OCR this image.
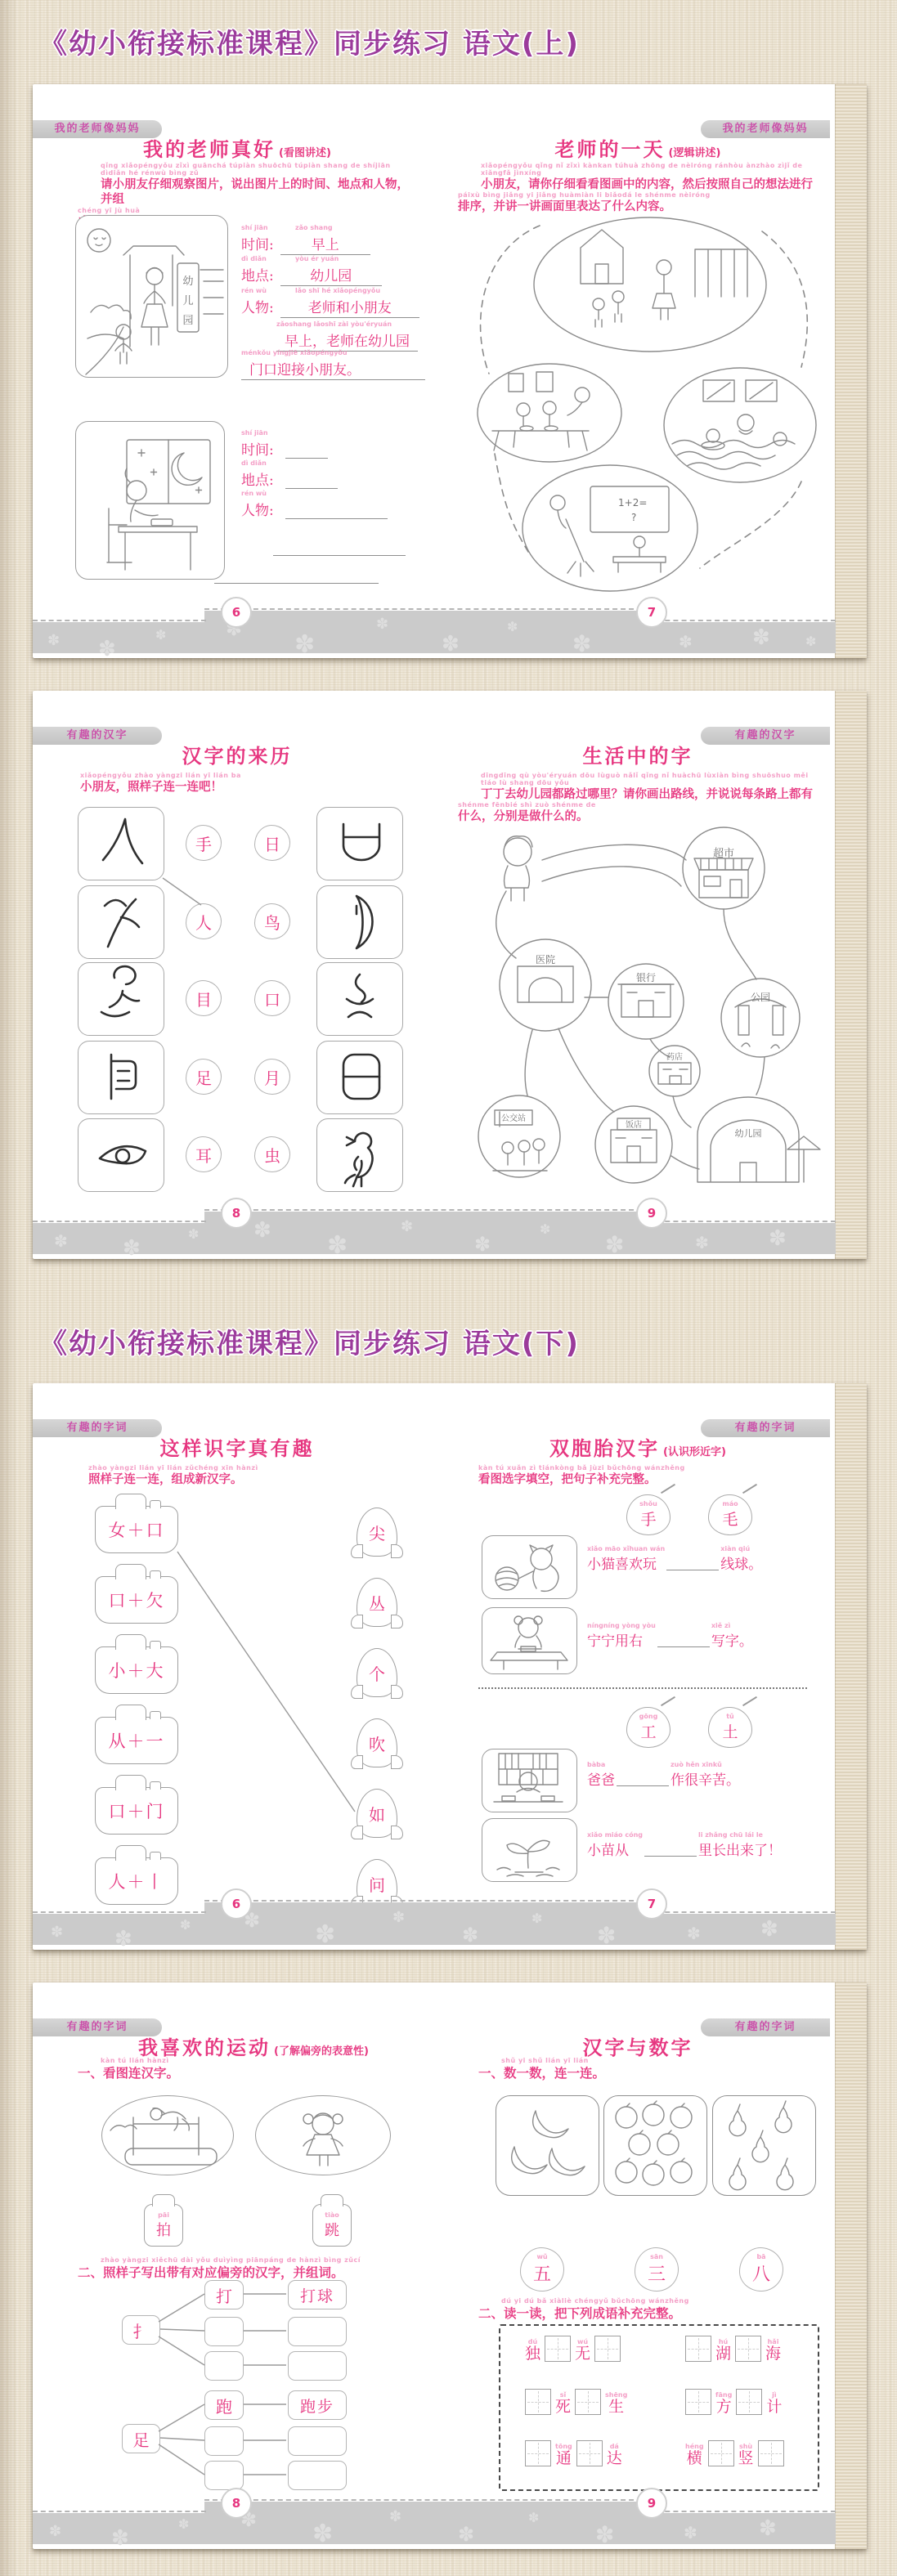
《幼小衔接标准课程》同步练习 语文(上)
我的老师像妈妈	我的老师像妈妈
我的老师真好 (看图讲述)
qǐng xiǎopéngyǒu zǐxì guānchá túpiàn shuōchū túpiàn shang de shíjiān dìdiǎn hé rénwù bìng zǔ
请小朋友仔细观察图片，说出图片上的时间、地点和人物，并组
chéng yī jù huà
幼
儿
园
shí jiān	zǎo shang
时间:	早上
dì diǎn	yòu ér yuán
地点:	幼儿园
rén wù	lǎo shī hé xiǎopéngyǒu
人物: 老师和小朋友
zǎoshang lǎoshī zài yòu'éryuán
早上，老师在幼儿园
ménkǒu yíngjiē xiǎopéngyǒu
门口迎接小朋友。
shí jiān
时间:
dì diǎn
地点:
rén wù
人物:
老师的一天 (逻辑讲述)
xiǎopéngyǒu qǐng nǐ zǐxì kànkan túhuà zhōng de nèiróng ránhòu ànzhào zìjǐ de xiǎngfǎ jìnxíng
小朋友，请你仔细看看图画中的内容，然后按照自己的想法进行
páixù bìng jiǎng yi jiǎng huàmiàn li biǎodá le shénme nèiróng
排序，并讲一讲画面里表达了什么内容。
1+2=
?
✽
✽
✽
✽
✽
✽
✽
✽
✽
✽
✽
✽
6	7
有趣的汉字	有趣的汉字
汉字的来历
xiǎopéngyǒu zhào yàngzi lián yī lián ba
小朋友，照样子连一连吧！
手	日
人	鸟
目	口
足	月
耳	虫
生活中的字
dīngdīng qù yòu'éryuán dōu lùguò nǎlǐ qǐng nǐ huàchū lùxiàn bìng shuōshuo měi tiáo lù shang dōu yǒu
丁丁去幼儿园都路过哪里？请你画出路线，并说说每条路上都有
shénme fēnbié shì zuò shénme de
什么，分别是做什么的。
超市
医院
银行
公园
药店
公交站
饭店
幼儿园
✽
✽
✽
✽
✽
✽
✽
✽
✽
✽
✽
8	9
《幼小衔接标准课程》同步练习 语文(下)
有趣的字词	有趣的字词
这样识字真有趣
zhào yàngzi lián yī lián zǔchéng xīn hànzì
照样子连一连，组成新汉字。
女＋口
口＋欠
小＋大
从＋一
口＋门
人＋丨
尖
丛
个
吹
如
问
双胞胎汉字 (认识形近字)
kàn tú xuǎn zì tiánkòng bǎ jùzi bǔchōng wánzhěng
看图选字填空，把句子补充完整。
shǒu
手
máo
毛
xiǎo māo xǐhuan wán
小猫喜欢玩
xiàn qiú
线球。
níngníng yòng yòu
宁宁用右
xiě zì
写字。
gōng
工
tǔ
土
bàba
爸爸
zuò hěn xīnkǔ
作很辛苦。
xiǎo miáo cóng
小苗从
li zhǎng chū lái le
里长出来了！
✽
✽
✽
✽
✽
✽
✽
✽
✽
✽
✽
6	7
有趣的字词	有趣的字词
我喜欢的运动 (了解偏旁的表意性)
kàn tú lián hànzì
一、看图连汉字。
pāi
拍
tiào
跳
zhào yàngzi xiěchū dài yǒu duìyìng piānpáng de hànzì bìng zǔcí
二、照样子写出带有对应偏旁的汉字，并组词。
扌
打	打球
足
跑	跑步
汉字与数字
shǔ yi shǔ lián yī lián
一、数一数，连一连。
wǔ
五
sān
三
bā
八
dú yi dú bǎ xiàliè chéngyǔ bǔchōng wánzhěng
二、读一读，把下列成语补充完整。
dú
独
wú
无
hú
湖
hǎi
海
sǐ
死
shēng
生
fāng
方
jì
计
tōng
通
dá
达
héng
横
shù
竖
✽
✽
✽
✽
✽
✽
✽
✽
✽
✽
✽
8	9
